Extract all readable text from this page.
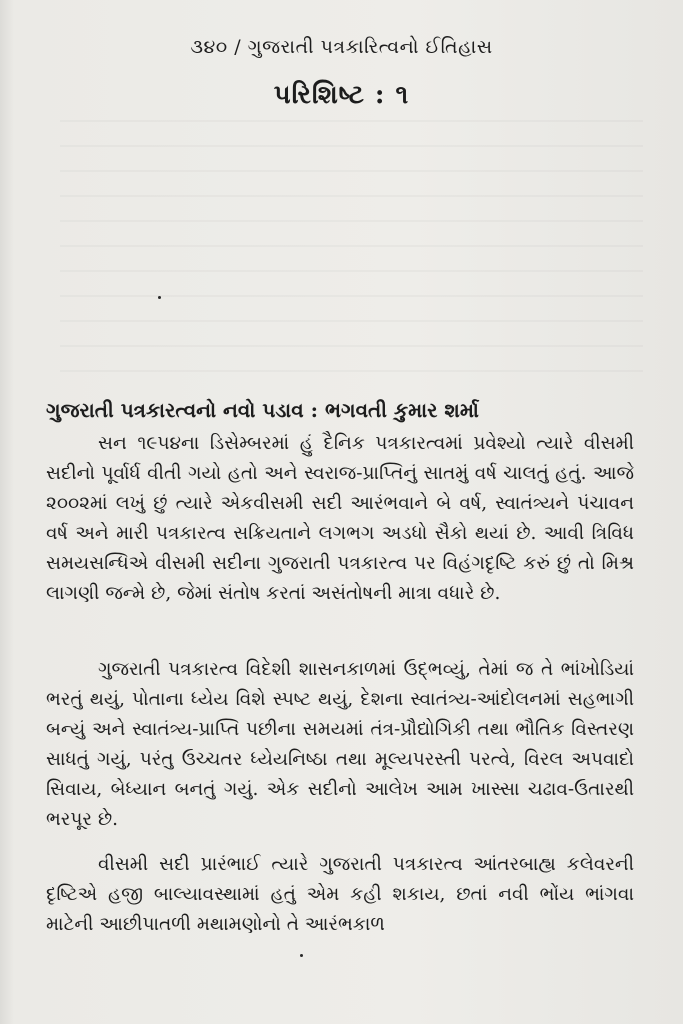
૩૪૦ / ગુજરાતી પત્રકારિત્વનો ઈતિહાસ
પરિશિષ્ટ : ૧
ગુજરાતી પત્રકારત્વનો નવો પડાવ : ભગવતી કુમાર શર્મા

સન ૧૯૫૪ના ડિસેમ્બરમાં હું દૈનિક પત્રકારત્વમાં પ્રવેશ્યો ત્યારે વીસમી સદીનો પૂર્વાર્ધ વીતી ગયો હતો અને સ્વરાજ-પ્રાપ્તિનું સાતમું વર્ષ ચાલતું હતું. આજે ૨૦૦૨માં લખું છું ત્યારે એકવીસમી સદી આરંભવાને બે વર્ષ, સ્વાતંત્ર્યને પંચાવન વર્ષ અને મારી પત્રકારત્વ સક્રિયતાને લગભગ અડધો સૈકો થયાં છે. આવી ત્રિવિધ સમયસન્ધિએ વીસમી સદીના ગુજરાતી પત્રકારત્વ પર વિહંગદૃષ્ટિ કરું છું તો મિશ્ર લાગણી જન્મે છે, જેમાં સંતોષ કરતાં અસંતોષની માત્રા વધારે છે.

ગુજરાતી પત્રકારત્વ વિદેશી શાસનકાળમાં ઉદ્ભવ્યું, તેમાં જ તે ભાંખોડિયાં ભરતું થયું, પોતાના ધ્યેય વિશે સ્પષ્ટ થયું, દેશના સ્વાતંત્ર્ય-આંદોલનમાં સહભાગી બન્યું અને સ્વાતંત્ર્ય-પ્રાપ્તિ પછીના સમયમાં તંત્ર-પ્રૌદ્યોગિકી તથા ભૌતિક વિસ્તરણ સાધતું ગયું, પરંતુ ઉચ્ચતર ધ્યેયનિષ્ઠા તથા મૂલ્યપરસ્તી પરત્વે, વિરલ અપવાદો સિવાય, બેધ્યાન બનતું ગયું. એક સદીનો આલેખ આમ ખાસ્સા ચઢાવ-ઉતારથી ભરપૂર છે.

વીસમી સદી પ્રારંભાઈ ત્યારે ગુજરાતી પત્રકારત્વ આંતરબાહ્ય કલેવરની દૃષ્ટિએ હજી બાલ્યાવસ્થામાં હતું એમ કહી શકાય, છતાં નવી ભોંય ભાંગવા માટેની આછીપાતળી મથામણોનો તે આરંભકાળ
